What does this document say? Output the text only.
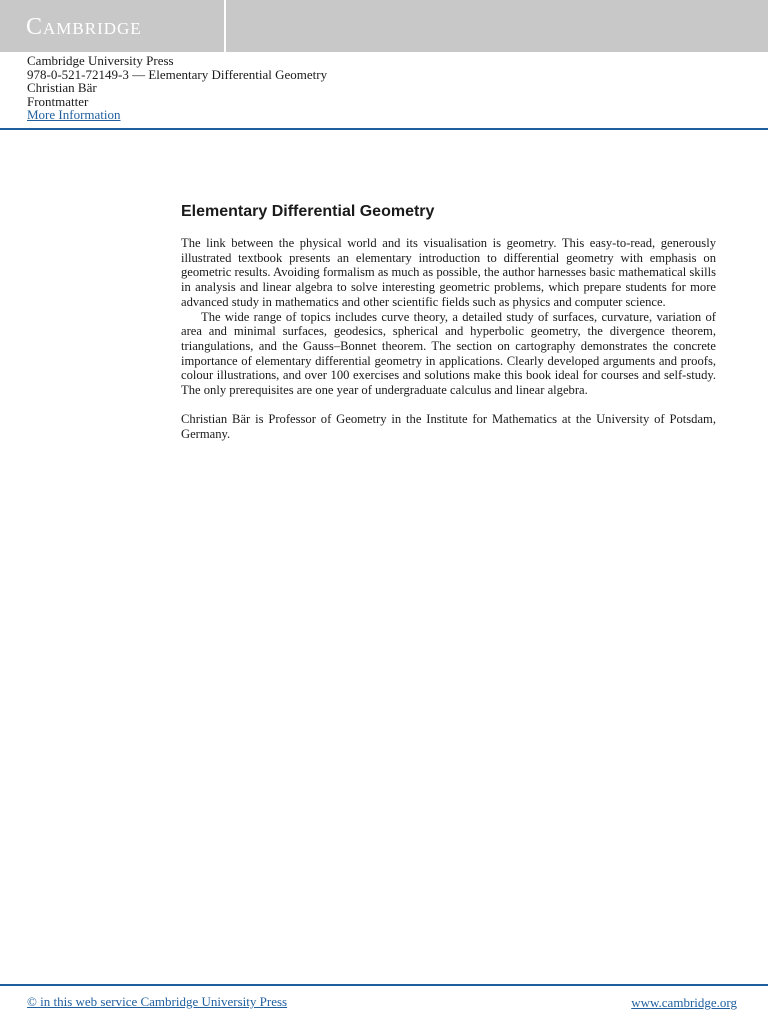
Cambridge
Cambridge University Press
978-0-521-72149-3 — Elementary Differential Geometry
Christian Bär
Frontmatter
More Information
Elementary Differential Geometry

The link between the physical world and its visualisation is geometry. This easy-to-read, generously illustrated textbook presents an elementary introduction to differential geometry with emphasis on geometric results. Avoiding formalism as much as possible, the author harnesses basic mathematical skills in analysis and linear algebra to solve interesting geometric problems, which prepare students for more advanced study in mathematics and other scientific fields such as physics and computer science.

The wide range of topics includes curve theory, a detailed study of surfaces, curvature, variation of area and minimal surfaces, geodesics, spherical and hyperbolic geometry, the divergence theorem, triangulations, and the Gauss–Bonnet theorem. The section on cartography demonstrates the concrete importance of elementary differential geometry in applications. Clearly developed arguments and proofs, colour illustrations, and over 100 exercises and solutions make this book ideal for courses and self-study. The only prerequisites are one year of undergraduate calculus and linear algebra.

Christian Bär is Professor of Geometry in the Institute for Mathematics at the University of Potsdam, Germany.

© in this web service Cambridge University Press	www.cambridge.org
